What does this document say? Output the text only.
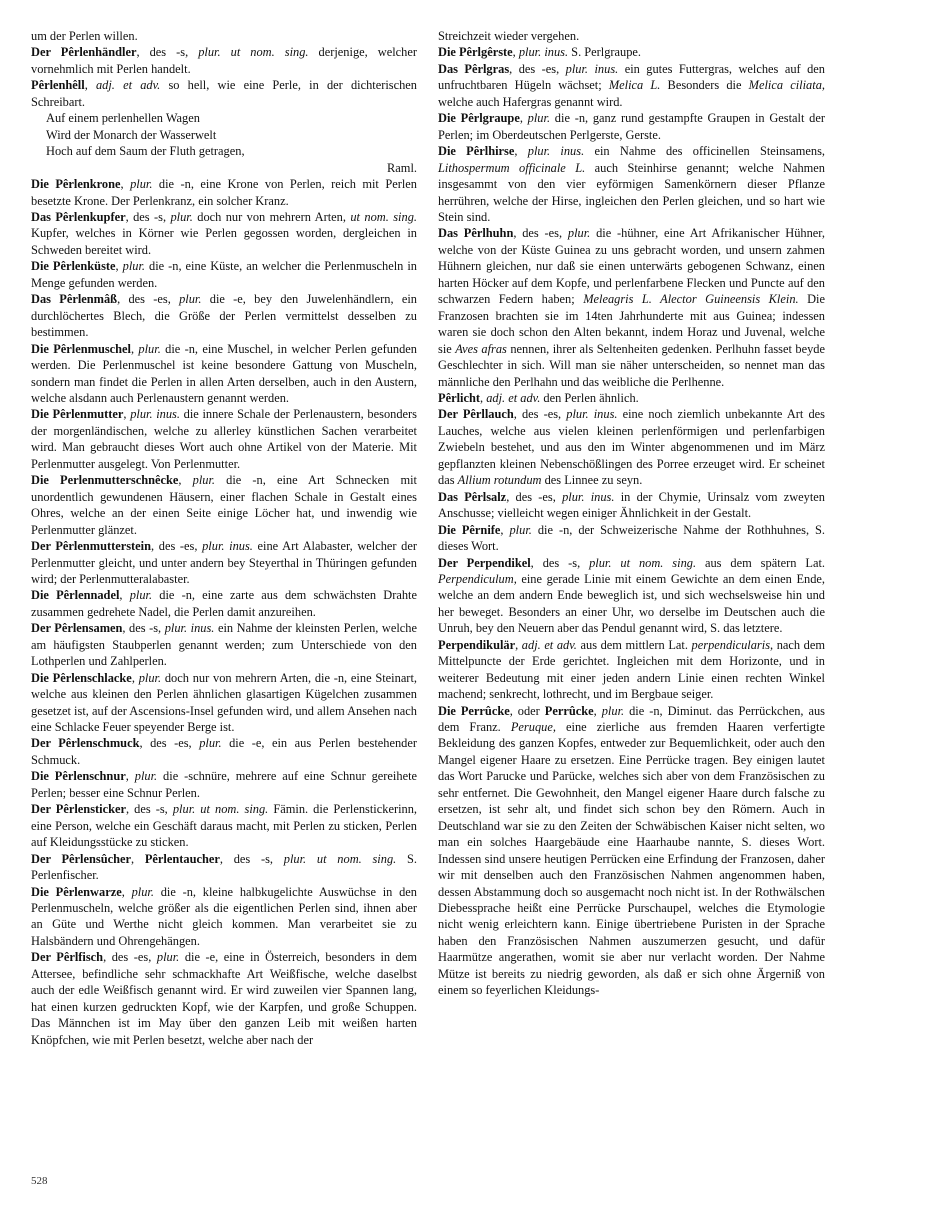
um der Perlen willen.

Der Pêrlenhändler, des -s, plur. ut nom. sing. derjenige, welcher vornehmlich mit Perlen handelt.

Pêrlenhêll, adj. et adv. so hell, wie eine Perle, in der dichterischen Schreibart.

Auf einem perlenhellen Wagen
Wird der Monarch der Wasserwelt
Hoch auf dem Saum der Fluth getragen,
Raml.

Die Pêrlenkrone, plur. die -n, eine Krone von Perlen, reich mit Perlen besetzte Krone. Der Perlenkranz, ein solcher Kranz.

Das Pêrlenkupfer, des -s, plur. doch nur von mehrern Arten, ut nom. sing. Kupfer, welches in Körner wie Perlen gegossen worden, dergleichen in Schweden bereitet wird.

Die Pêrlenküste, plur. die -n, eine Küste, an welcher die Perlenmuscheln in Menge gefunden werden.

Das Pêrlenmâß, des -es, plur. die -e, bey den Juwelenhändlern, ein durchlöchertes Blech, die Größe der Perlen vermittelst desselben zu bestimmen.

Die Pêrlenmuschel, plur. die -n, eine Muschel, in welcher Perlen gefunden werden. Die Perlenmuschel ist keine besondere Gattung von Muscheln, sondern man findet die Perlen in allen Arten derselben, auch in den Austern, welche alsdann auch Perlenaustern genannt werden.

Die Pêrlenmutter, plur. inus. die innere Schale der Perlenaustern, besonders der morgenländischen, welche zu allerley künstlichen Sachen verarbeitet wird. Man gebraucht dieses Wort auch ohne Artikel von der Materie. Mit Perlenmutter ausgelegt. Von Perlenmutter.

Die Perlenmutterschnêcke, plur. die -n, eine Art Schnecken mit unordentlich gewundenen Häusern, einer flachen Schale in Gestalt eines Ohres, welche an der einen Seite einige Löcher hat, und inwendig wie Perlenmutter glänzet.

Der Pêrlenmutterstein, des -es, plur. inus. eine Art Alabaster, welcher der Perlenmutter gleicht, und unter andern bey Steyerthal in Thüringen gefunden wird; der Perlenmutteralabaster.

Die Pêrlennadel, plur. die -n, eine zarte aus dem schwächsten Drahte zusammen gedrehete Nadel, die Perlen damit anzureihen.

Der Pêrlensamen, des -s, plur. inus. ein Nahme der kleinsten Perlen, welche am häufigsten Staubperlen genannt werden; zum Unterschiede von den Lothperlen und Zahlperlen.

Die Pêrlenschlacke, plur. doch nur von mehrern Arten, die -n, eine Steinart, welche aus kleinen den Perlen ähnlichen glasartigen Kügelchen zusammen gesetzet ist, auf der Ascensions-Insel gefunden wird, und allem Ansehen nach eine Schlacke Feuer speyender Berge ist.

Der Pêrlenschmuck, des -es, plur. die -e, ein aus Perlen bestehender Schmuck.

Die Pêrlenschnur, plur. die -schnüre, mehrere auf eine Schnur gereihete Perlen; besser eine Schnur Perlen.

Der Pêrlensticker, des -s, plur. ut nom. sing. Fämin. die Perlenstickerinn, eine Person, welche ein Geschäft daraus macht, mit Perlen zu sticken, Perlen auf Kleidungsstücke zu sticken.

Der Pêrlensûcher, Pêrlentaucher, des -s, plur. ut nom. sing. S. Perlenfischer.

Die Pêrlenwarze, plur. die -n, kleine halbkugelichte Auswüchse in den Perlenmuscheln, welche größer als die eigentlichen Perlen sind, ihnen aber an Güte und Werthe nicht gleich kommen. Man verarbeitet sie zu Halsbändern und Ohrengehängen.

Der Pêrlfisch, des -es, plur. die -e, eine in Österreich, besonders in dem Attersee, befindliche sehr schmackhafte Art Weißfische, welche daselbst auch der edle Weißfisch genannt wird. Er wird zuweilen vier Spannen lang, hat einen kurzen gedruckten Kopf, wie der Karpfen, und große Schuppen. Das Männchen ist im May über den ganzen Leib mit weißen harten Knöpfchen, wie mit Perlen besetzt, welche aber nach der

Streichzeit wieder vergehen.

Die Pêrlgêrste, plur. inus. S. Perlgraupe.

Das Pêrlgras, des -es, plur. inus. ein gutes Futtergras, welches auf den unfruchtbaren Hügeln wächset; Melica L. Besonders die Melica ciliata, welche auch Hafergras genannt wird.

Die Pêrlgraupe, plur. die -n, ganz rund gestampfte Graupen in Gestalt der Perlen; im Oberdeutschen Perlgerste, Gerste.

Die Pêrlhirse, plur. inus. ein Nahme des officinellen Steinsamens, Lithospermum officinale L. auch Steinhirse genannt; welche Nahmen insgesammt von den vier eyförmigen Samenkörnern dieser Pflanze herrühren, welche der Hirse, ingleichen den Perlen gleichen, und so hart wie Stein sind.

Das Pêrlhuhn, des -es, plur. die -hühner, eine Art Afrikanischer Hühner, welche von der Küste Guinea zu uns gebracht worden, und unsern zahmen Hühnern gleichen, nur daß sie einen unterwärts gebogenen Schwanz, einen harten Höcker auf dem Kopfe, und perlenfarbene Flecken und Puncte auf den schwarzen Federn haben; Meleagris L. Alector Guineensis Klein. Die Franzosen brachten sie im 14ten Jahrhunderte mit aus Guinea; indessen waren sie doch schon den Alten bekannt, indem Horaz und Juvenal, welche sie Aves afras nennen, ihrer als Seltenheiten gedenken. Perlhuhn fasset beyde Geschlechter in sich. Will man sie näher unterscheiden, so nennet man das männliche den Perlhahn und das weibliche die Perlhenne.

Pêrlicht, adj. et adv. den Perlen ähnlich.

Der Pêrllauch, des -es, plur. inus. eine noch ziemlich unbekannte Art des Lauches, welche aus vielen kleinen perlenförmigen und perlenfarbigen Zwiebeln bestehet, und aus den im Winter abgenommenen und im März gepflanzten kleinen Nebenschößlingen des Porree erzeuget wird. Er scheinet das Allium rotundum des Linnee zu seyn.

Das Pêrlsalz, des -es, plur. inus. in der Chymie, Urinsalz vom zweyten Anschusse; vielleicht wegen einiger Ähnlichkeit in der Gestalt.

Die Pêrnife, plur. die -n, der Schweizerische Nahme der Rothhuhnes, S. dieses Wort.

Der Perpendikel, des -s, plur. ut nom. sing. aus dem spätern Lat. Perpendiculum, eine gerade Linie mit einem Gewichte an dem einen Ende, welche an dem andern Ende beweglich ist, und sich wechselsweise hin und her beweget. Besonders an einer Uhr, wo derselbe im Deutschen auch die Unruh, bey den Neuern aber das Pendul genannt wird, S. das letztere.

Perpendikulär, adj. et adv. aus dem mittlern Lat. perpendicularis, nach dem Mittelpuncte der Erde gerichtet. Ingleichen mit dem Horizonte, und in weiterer Bedeutung mit einer jeden andern Linie einen rechten Winkel machend; senkrecht, lothrecht, und im Bergbaue seiger.

Die Perrûcke, oder Perrûcke, plur. die -n, Diminut. das Perrückchen, aus dem Franz. Peruque, eine zierliche aus fremden Haaren verfertigte Bekleidung des ganzen Kopfes, entweder zur Bequemlichkeit, oder auch den Mangel eigener Haare zu ersetzen. Eine Perrücke tragen. Bey einigen lautet das Wort Parucke und Parücke, welches sich aber von dem Französischen zu sehr entfernet. Die Gewohnheit, den Mangel eigener Haare durch falsche zu ersetzen, ist sehr alt, und findet sich schon bey den Römern. Auch in Deutschland war sie zu den Zeiten der Schwäbischen Kaiser nicht selten, wo man ein solches Haargebäude eine Haarhaube nannte, S. dieses Wort. Indessen sind unsere heutigen Perrücken eine Erfindung der Franzosen, daher wir mit denselben auch den Französischen Nahmen angenommen haben, dessen Abstammung doch so ausgemacht noch nicht ist. In der Rothwälschen Diebessprache heißt eine Perrücke Purschaupel, welches die Etymologie nicht wenig erleichtern kann. Einige übertriebene Puristen in der Sprache haben den Französischen Nahmen auszumerzen gesucht, und dafür Haarmütze angerathen, womit sie aber nur verlacht worden. Der Nahme Mütze ist bereits zu niedrig geworden, als daß er sich ohne Ärgerniß von einem so feyerlichen Kleidungs-

528
